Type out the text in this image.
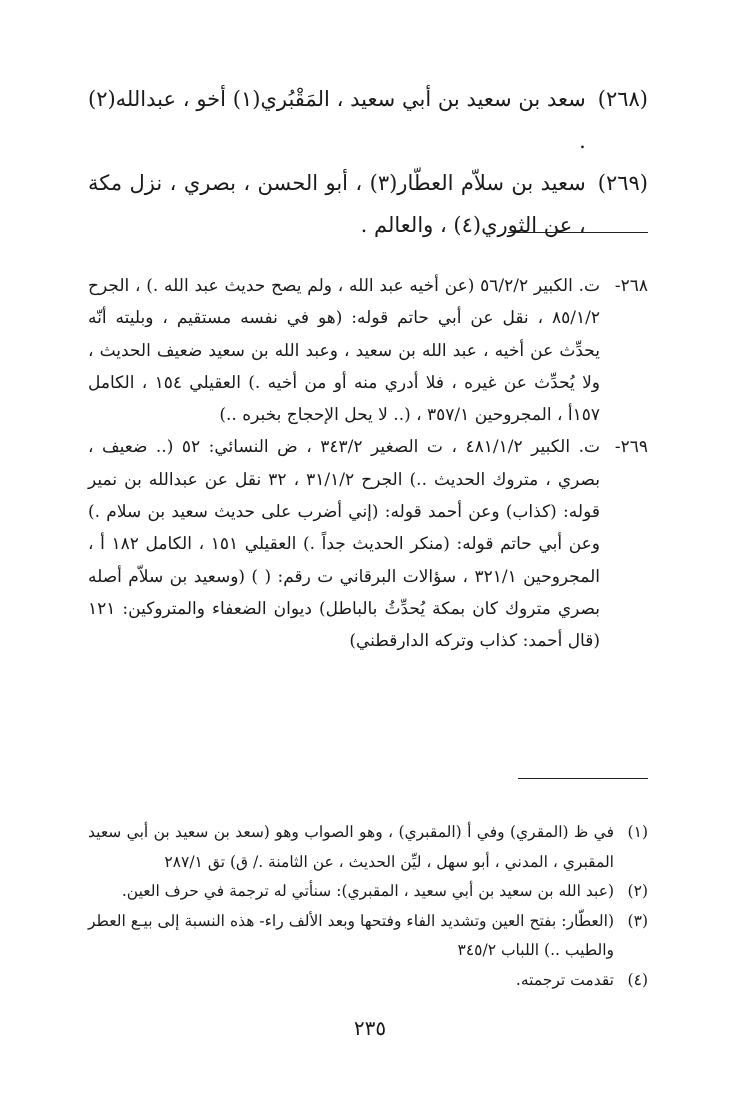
(٢٦٨)
سعد بن سعيد بن أبي سعيد ، المَقْبُري(١) أخو ، عبدالله(٢) .
(٢٦٩)
سعيد بن سلاّم العطّار(٣) ، أبو الحسن ، بصري ، نزل مكة ، عن الثوري(٤) ، والعالم .
٢٦٨-
ت. الكبير ٥٦/٢/٢ (عن أخيه عبد الله ، ولم يصح حديث عبد الله .) ، الجرح ٨٥/١/٢ ، نقل عن أبي حاتم قوله: (هو في نفسه مستقيم ، وبليته أنّه يحدِّث عن أخيه ، عبد الله بن سعيد ، وعبد الله بن سعيد ضعيف الحديث ، ولا يُحدِّث عن غيره ، فلا أدري منه أو من أخيه .) العقيلي ١٥٤ ، الكامل ١٥٧أ ، المجروحين ٣٥٧/١ ، (.. لا يحل الإحجاج بخبره ..)
٢٦٩-
ت. الكبير ٤٨١/١/٢ ، ت الصغير ٣٤٣/٢ ، ض النسائي: ٥٢ (.. ضعيف ، بصري ، متروك الحديث ..) الجرح ٣١/١/٢ ، ٣٢ نقل عن عبدالله بن نمير قوله: (كذاب) وعن أحمد قوله: (إني أضرب على حديث سعيد بن سلام .) وعن أبي حاتم قوله: (منكر الحديث جداً .) العقيلي ١٥١ ، الكامل ١٨٢ أ ، المجروحين ٣٢١/١ ، سؤالات البرقاني ت رقم: ( ) (وسعيد بن سلاّم أصله بصري متروك كان بمكة يُحدِّثُ بالباطل) ديوان الضعفاء والمتروكين: ١٢١ (قال أحمد: كذاب وتركه الدارقطني)
(١)
في ظ (المقري) وفي أ (المقبري) ، وهو الصواب وهو (سعد بن سعيد بن أبي سعيد المقبري ، المدني ، أبو سهل ، ليِّن الحديث ، عن الثامنة ./ ق) تق ٢٨٧/١
(٢)
(عبد الله بن سعيد بن أبي سعيد ، المقبري): سنأتي له ترجمة في حرف العين.
(٣)
(العطّار: بفتح العين وتشديد الفاء وفتحها وبعد الألف راء- هذه النسبة إلى بيـع العطر والطيب ..) اللباب ٣٤٥/٢
(٤)
تقدمت ترجمته.
٢٣٥
